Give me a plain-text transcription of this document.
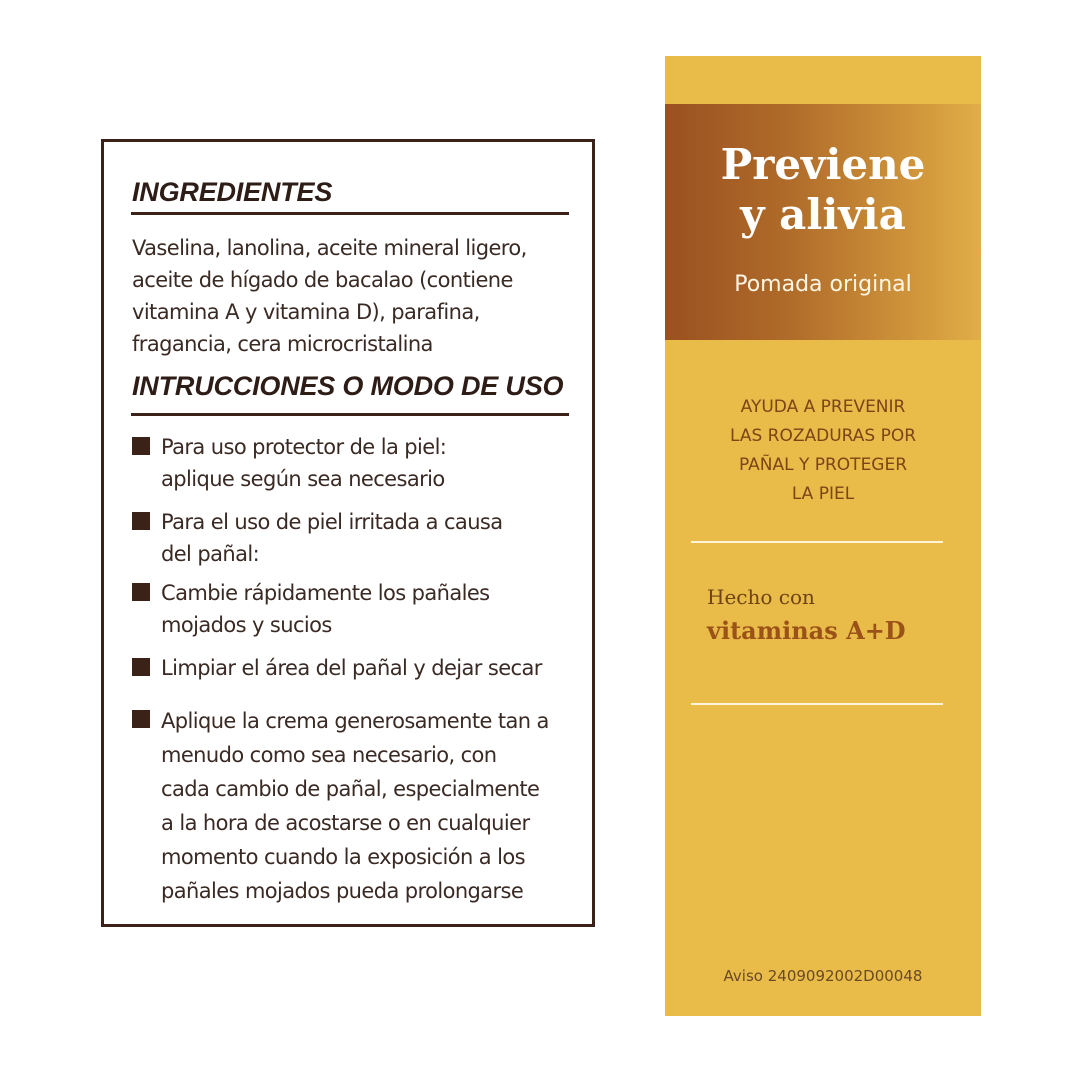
INGREDIENTES
Vaselina, lanolina, aceite mineral ligero, aceite de hígado de bacalao (contiene vitamina A y vitamina D), parafina, fragancia, cera microcristalina
INTRUCCIONES O MODO DE USO
Para uso protector de la piel:
aplique según sea necesario
Para el uso de piel irritada a causa
del pañal:
Cambie rápidamente los pañales
mojados y sucios
Limpiar el área del pañal y dejar secar
Aplique la crema generosamente tan a
menudo como sea necesario, con
cada cambio de pañal, especialmente
a la hora de acostarse o en cualquier
momento cuando la exposición a los
pañales mojados pueda prolongarse
Previene
y alivia
Pomada original
AYUDA A PREVENIR
LAS ROZADURAS POR
PAÑAL Y PROTEGER
LA PIEL
Hecho con
vitaminas A+D
Aviso 2409092002D00048
